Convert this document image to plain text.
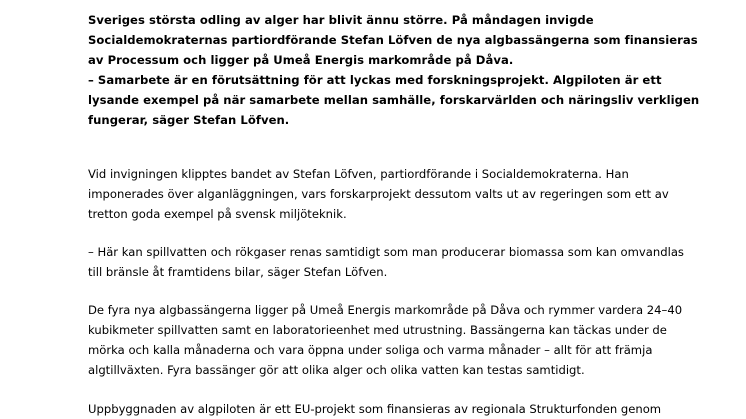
Sveriges största odling av alger har blivit ännu större. På måndagen invigde
Socialdemokraternas partiordförande Stefan Löfven de nya algbassängerna som finansieras
av Processum och ligger på Umeå Energis markområde på Dåva.
– Samarbete är en förutsättning för att lyckas med forskningsprojekt. Algpiloten är ett
lysande exempel på när samarbete mellan samhälle, forskarvärlden och näringsliv verkligen
fungerar, säger Stefan Löfven.

Vid invigningen klipptes bandet av Stefan Löfven, partiordförande i Socialdemokraterna. Han
imponerades över alganläggningen, vars forskarprojekt dessutom valts ut av regeringen som ett av
tretton goda exempel på svensk miljöteknik.

– Här kan spillvatten och rökgaser renas samtidigt som man producerar biomassa som kan omvandlas
till bränsle åt framtidens bilar, säger Stefan Löfven.

De fyra nya algbassängerna ligger på Umeå Energis markområde på Dåva och rymmer vardera 24–40
kubikmeter spillvatten samt en laboratorieenhet med utrustning. Bassängerna kan täckas under de
mörka och kalla månaderna och vara öppna under soliga och varma månader – allt för att främja
algtillväxten. Fyra bassänger gör att olika alger och olika vatten kan testas samtidigt.

Uppbyggnaden av algpiloten är ett EU-projekt som finansieras av regionala Strukturfonden genom
